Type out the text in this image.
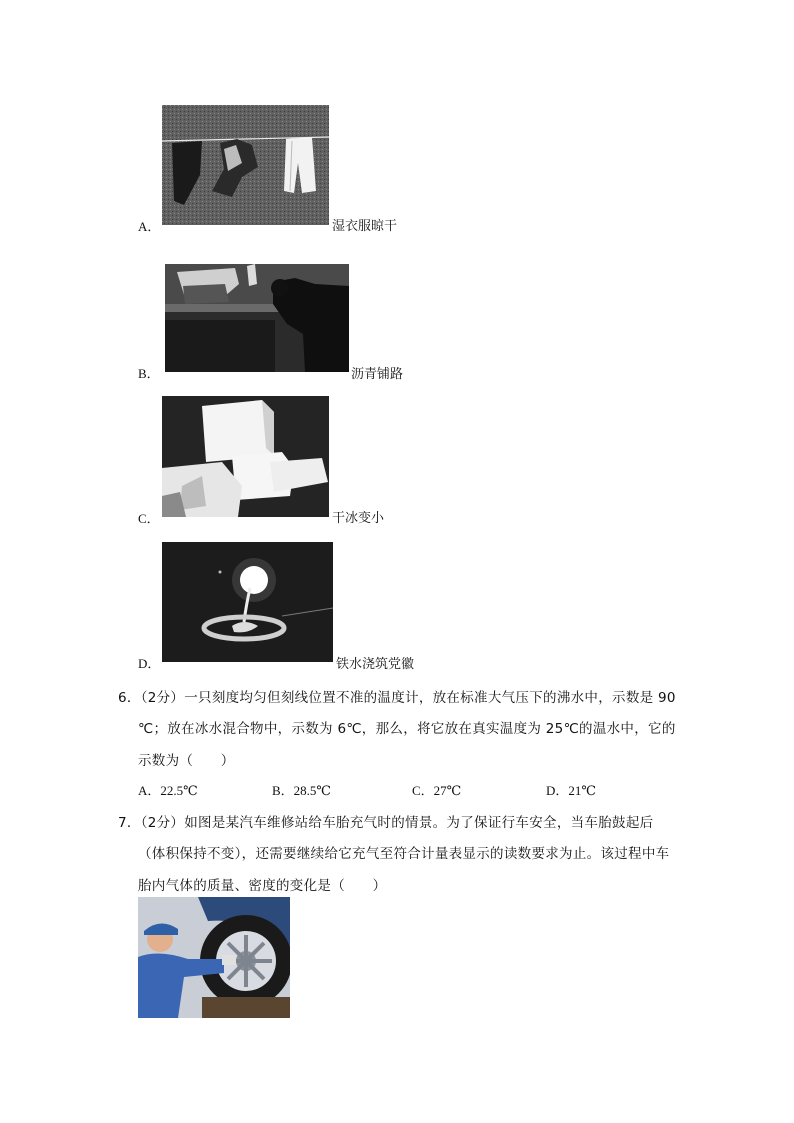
A．	湿衣服晾干
B．	沥青铺路
C．	干冰变小
D．	铁水浇筑党徽
6．（2分）一只刻度均匀但刻线位置不准的温度计，放在标准大气压下的沸水中，示数是 90
℃；放在冰水混合物中，示数为 6℃，那么，将它放在真实温度为 25℃的温水中，它的
示数为（　　）
A．22.5℃	B．28.5℃	C．27℃	D．21℃
7．（2分）如图是某汽车维修站给车胎充气时的情景。为了保证行车安全，当车胎鼓起后
（体积保持不变），还需要继续给它充气至符合计量表显示的读数要求为止。该过程中车
胎内气体的质量、密度的变化是（　　）
